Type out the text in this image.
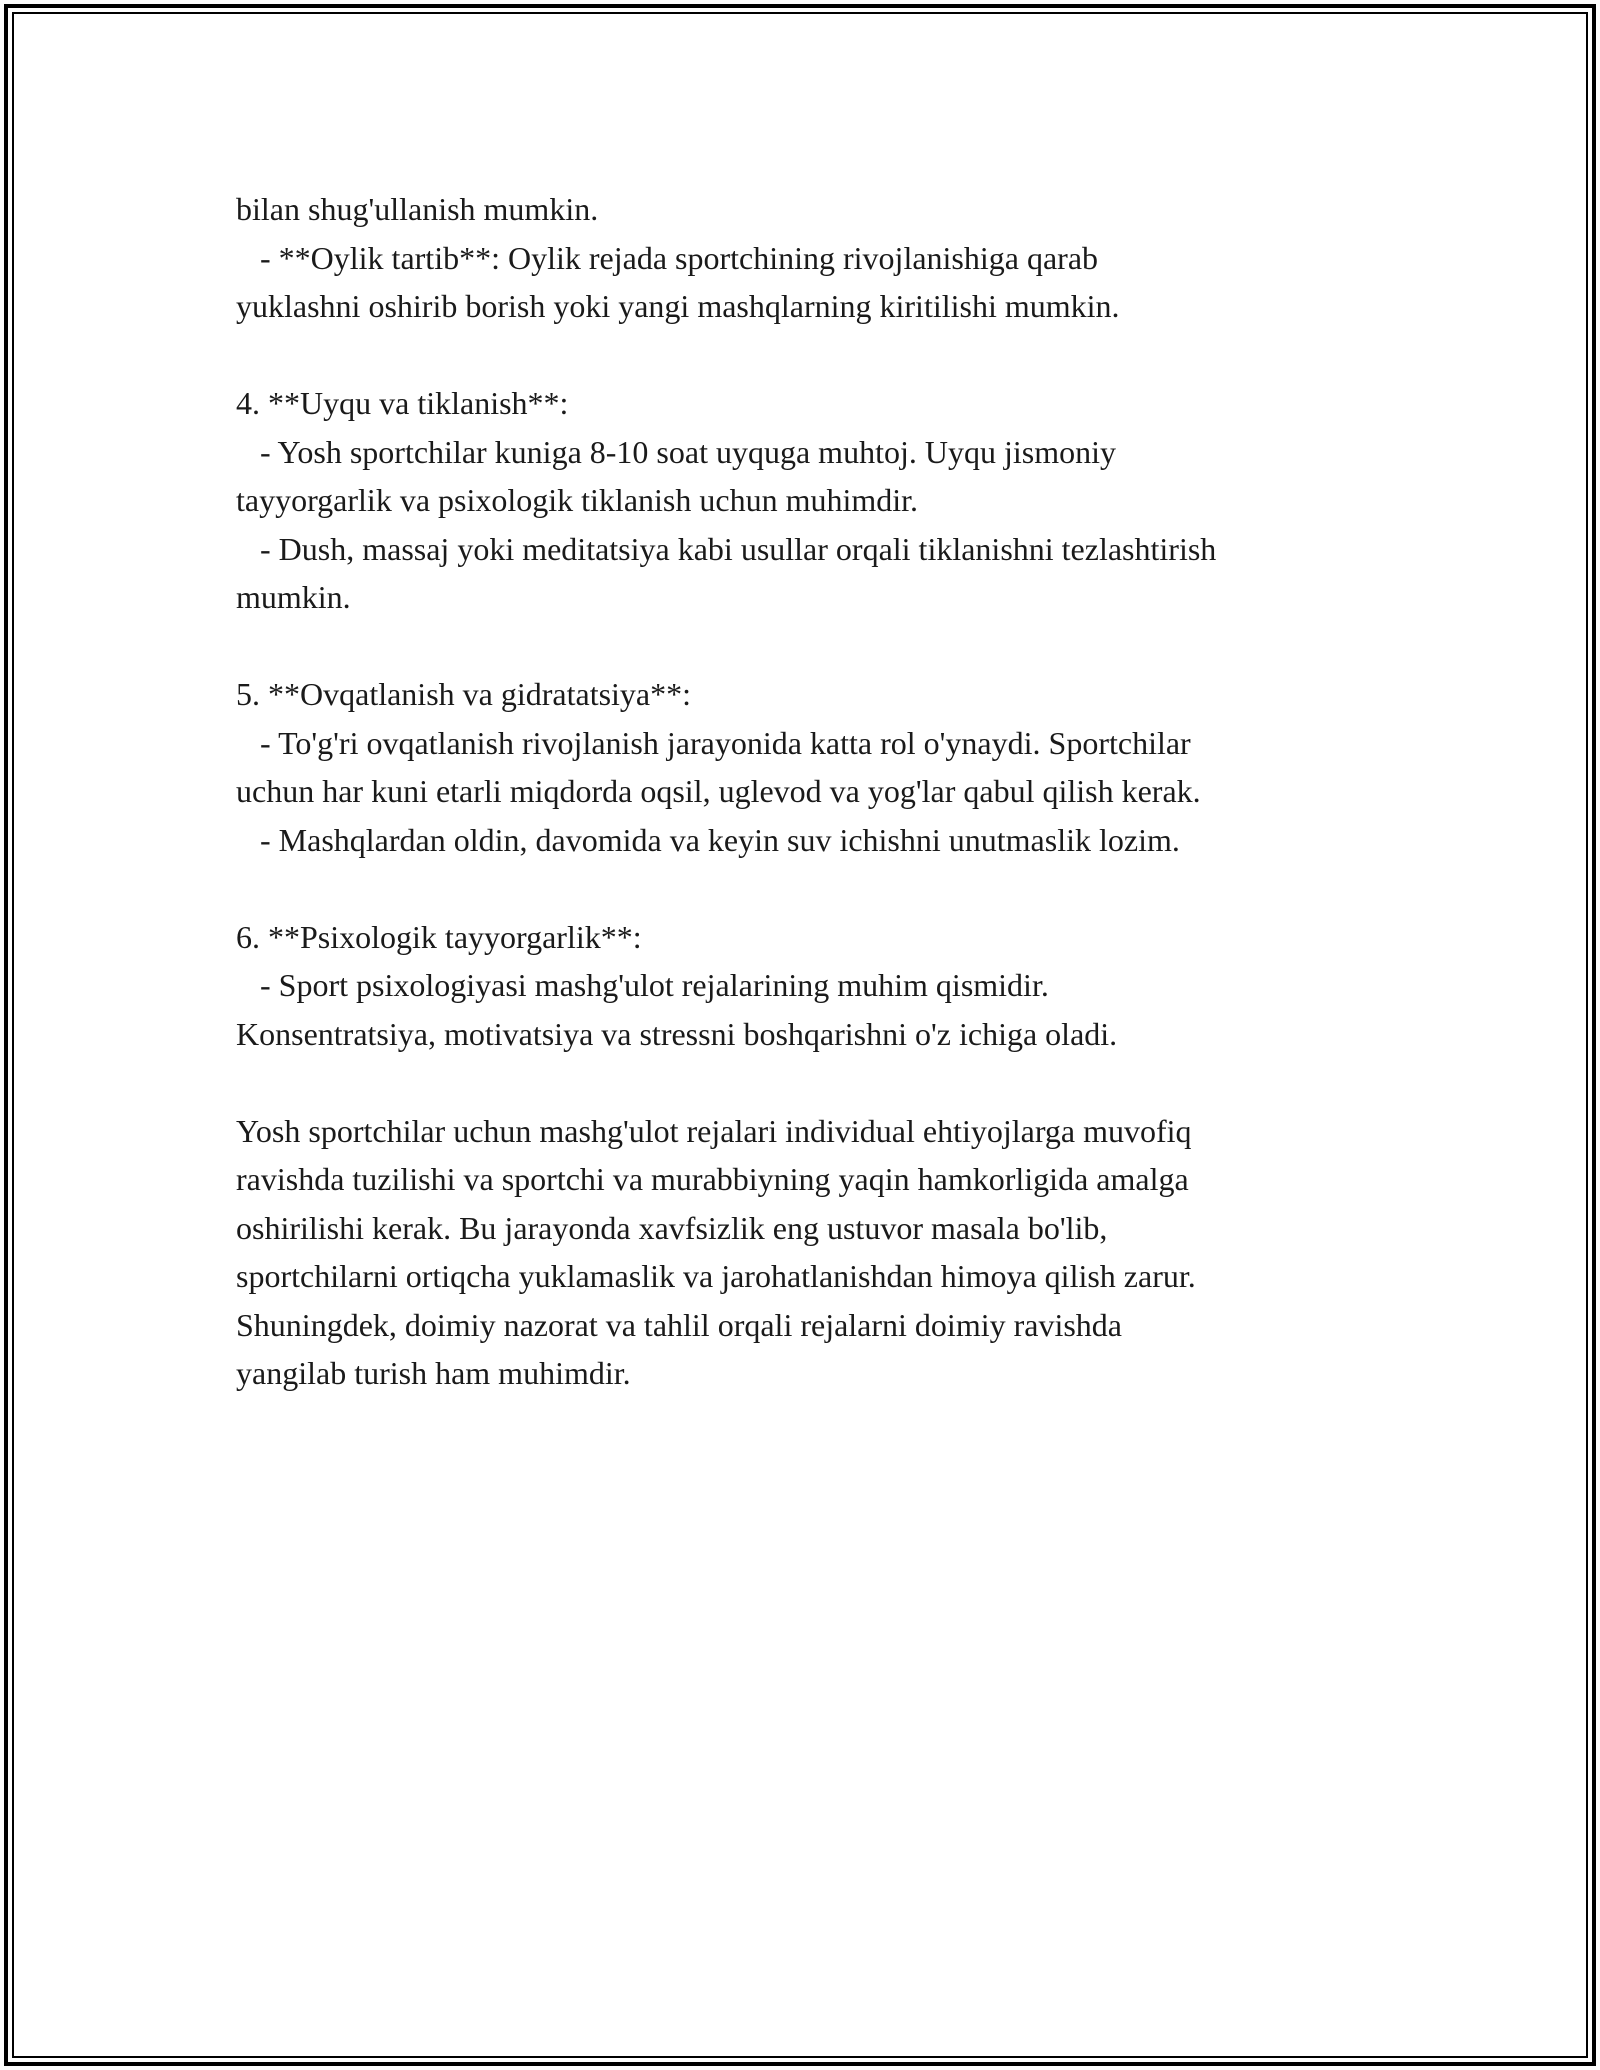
bilan shug'ullanish mumkin.
- **Oylik tartib**: Oylik rejada sportchining rivojlanishiga qarab
yuklashni oshirib borish yoki yangi mashqlarning kiritilishi mumkin.
4. **Uyqu va tiklanish**:
- Yosh sportchilar kuniga 8-10 soat uyquga muhtoj. Uyqu jismoniy
tayyorgarlik va psixologik tiklanish uchun muhimdir.
- Dush, massaj yoki meditatsiya kabi usullar orqali tiklanishni tezlashtirish
mumkin.
5. **Ovqatlanish va gidratatsiya**:
- To'g'ri ovqatlanish rivojlanish jarayonida katta rol o'ynaydi. Sportchilar
uchun har kuni etarli miqdorda oqsil, uglevod va yog'lar qabul qilish kerak.
- Mashqlardan oldin, davomida va keyin suv ichishni unutmaslik lozim.
6. **Psixologik tayyorgarlik**:
- Sport psixologiyasi mashg'ulot rejalarining muhim qismidir.
Konsentratsiya, motivatsiya va stressni boshqarishni o'z ichiga oladi.
Yosh sportchilar uchun mashg'ulot rejalari individual ehtiyojlarga muvofiq
ravishda tuzilishi va sportchi va murabbiyning yaqin hamkorligida amalga
oshirilishi kerak. Bu jarayonda xavfsizlik eng ustuvor masala bo'lib,
sportchilarni ortiqcha yuklamaslik va jarohatlanishdan himoya qilish zarur.
Shuningdek, doimiy nazorat va tahlil orqali rejalarni doimiy ravishda
yangilab turish ham muhimdir.
